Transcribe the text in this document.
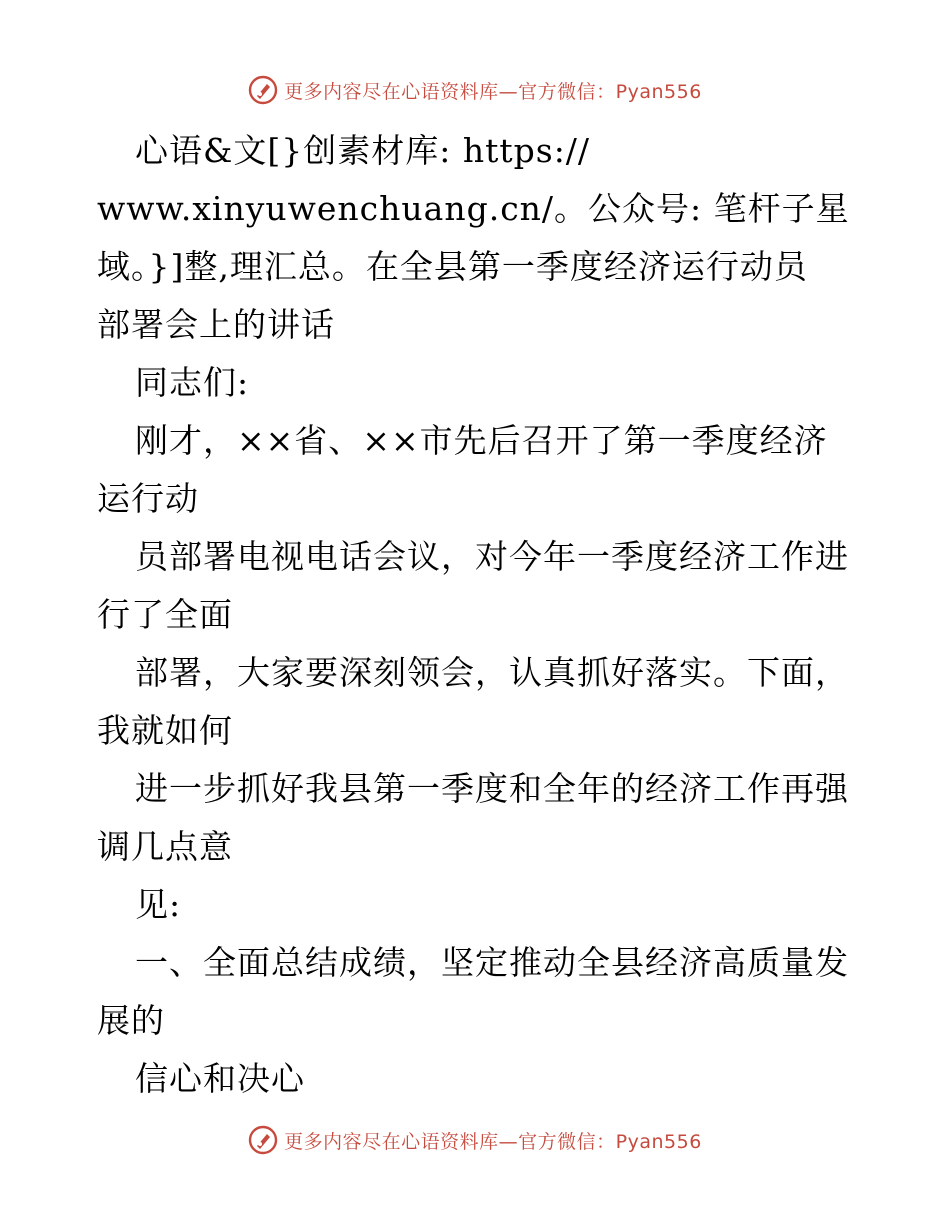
更多内容尽在心语资料库—官方微信：Pyan556
心语&文[}创素材库: https://
www.xinyuwenchuang.cn/。公众号: 笔杆子星
域。}]整,理汇总。在全县第一季度经济运行动员
部署会上的讲话
同志们:
刚才，××省、××市先后召开了第一季度经济
运行动
员部署电视电话会议，对今年一季度经济工作进
行了全面
部署，大家要深刻领会，认真抓好落实。下面，
我就如何
进一步抓好我县第一季度和全年的经济工作再强
调几点意
见:
一、全面总结成绩，坚定推动全县经济高质量发
展的
信心和决心
更多内容尽在心语资料库—官方微信：Pyan556
